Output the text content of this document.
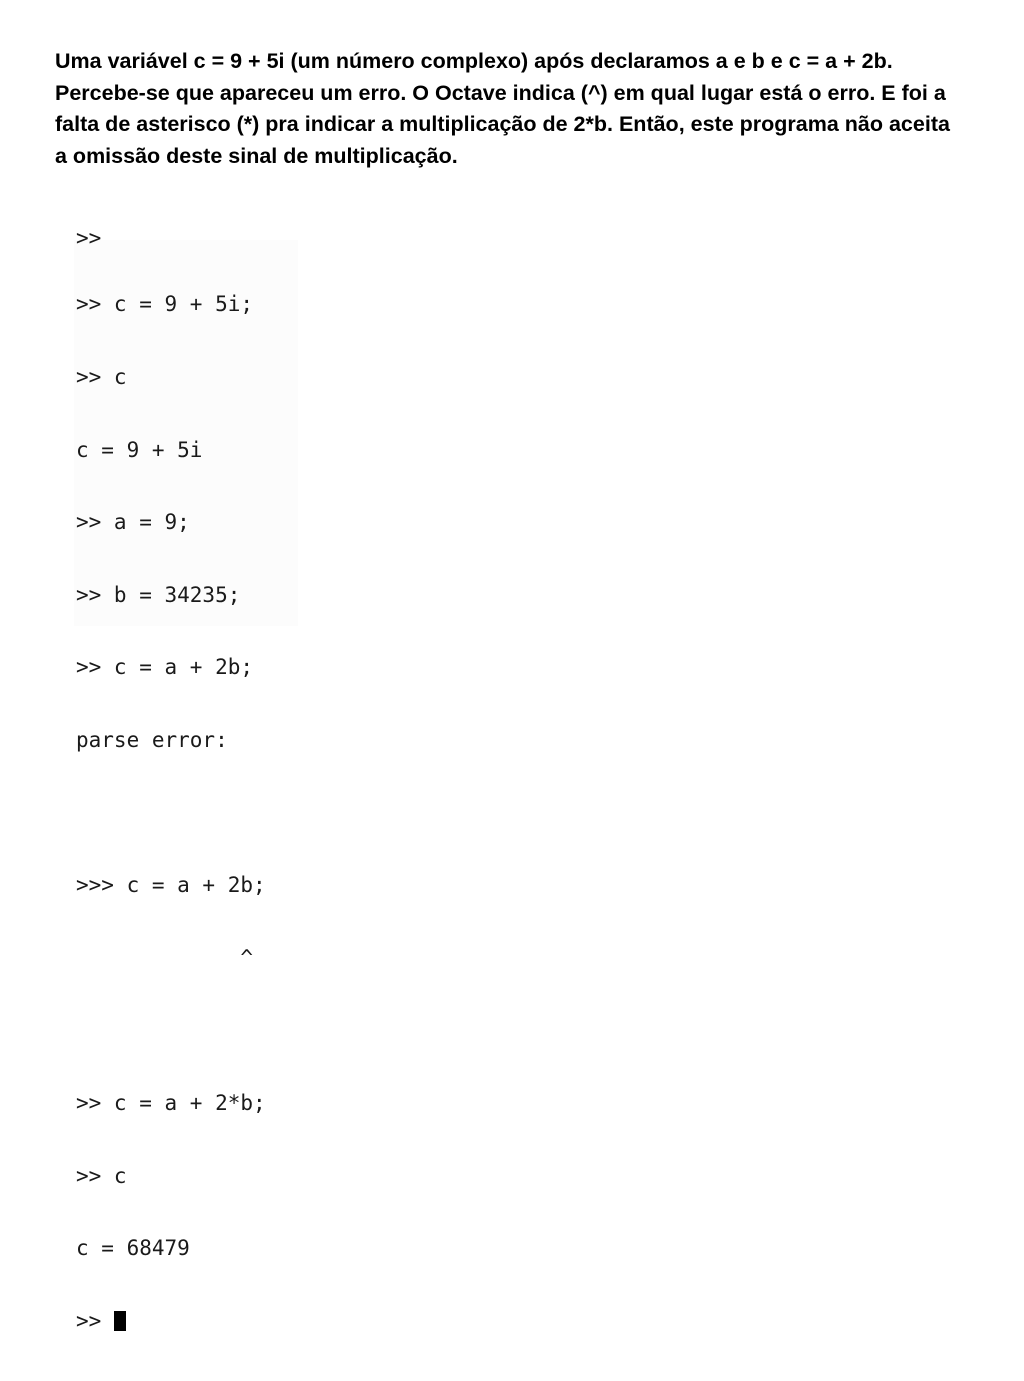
Uma variável c = 9 + 5i (um número complexo) após declaramos a e b e c = a + 2b. Percebe-se que apareceu um erro. O Octave indica (^) em qual lugar está o erro. E foi a falta de asterisco (*) pra indicar a multiplicação de 2*b. Então, este programa não aceita a omissão deste sinal de multiplicação.

>>

>> c = 9 + 5i;

>> c

c = 9 + 5i

>> a = 9;

>> b = 34235;

>> c = a + 2b;

parse error:

>>> c = a + 2b;

^

>> c = a + 2*b;

>> c

c = 68479

>>
